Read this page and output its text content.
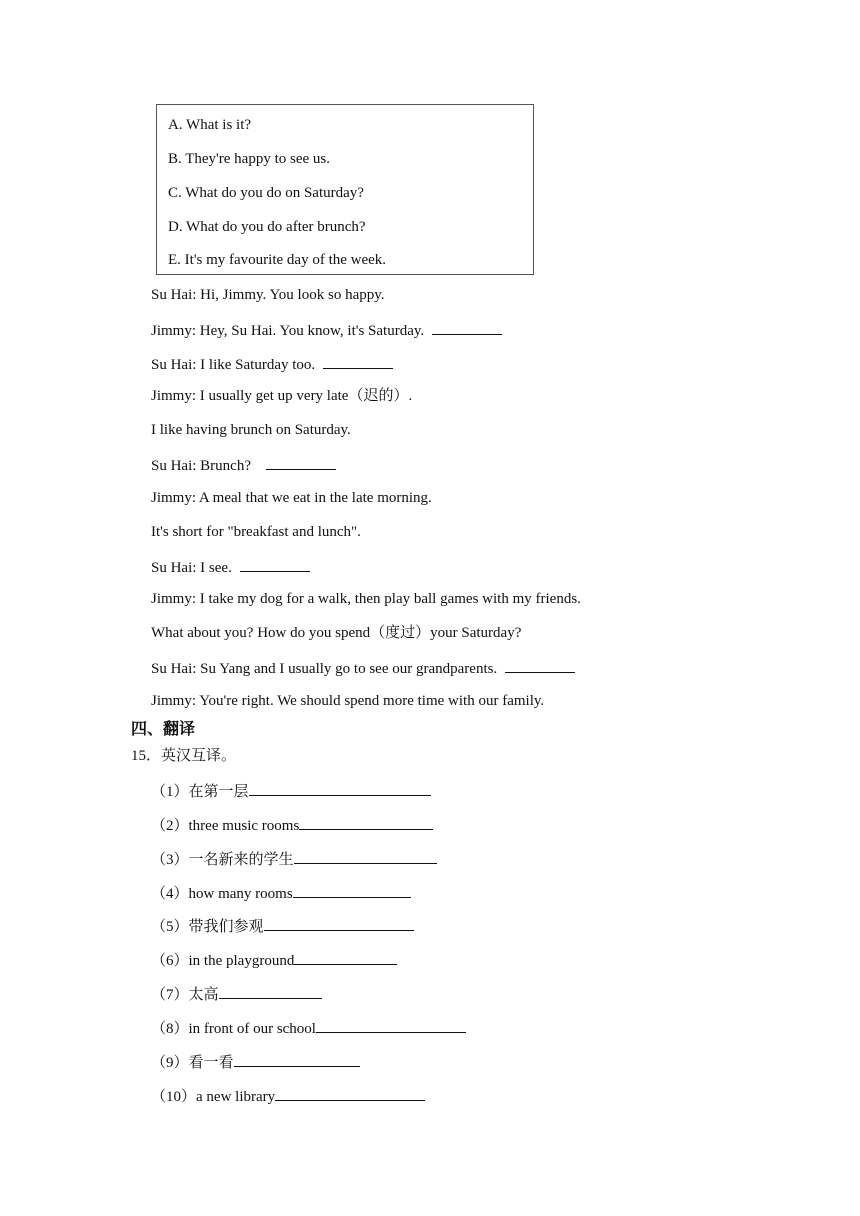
A. What is it?
B. They're happy to see us.
C. What do you do on Saturday?
D. What do you do after brunch?
E. It's my favourite day of the week.
Su Hai: Hi, Jimmy. You look so happy.
Jimmy: Hey, Su Hai. You know, it's Saturday.
Su Hai: I like Saturday too.
Jimmy: I usually get up very late（迟的）.
I like having brunch on Saturday.
Su Hai: Brunch?
Jimmy: A meal that we eat in the late morning.
It's short for "breakfast and lunch".
Su Hai: I see.
Jimmy: I take my dog for a walk, then play ball games with my friends.
What about you? How do you spend（度过）your Saturday?
Su Hai: Su Yang and I usually go to see our grandparents.
Jimmy: You're right. We should spend more time with our family.
四、翻译
15．英汉互译。
（1）在第一层
（2）three music rooms
（3）一名新来的学生
（4）how many rooms
（5）带我们参观
（6）in the playground
（7）太高
（8）in front of our school
（9）看一看
（10）a new library
